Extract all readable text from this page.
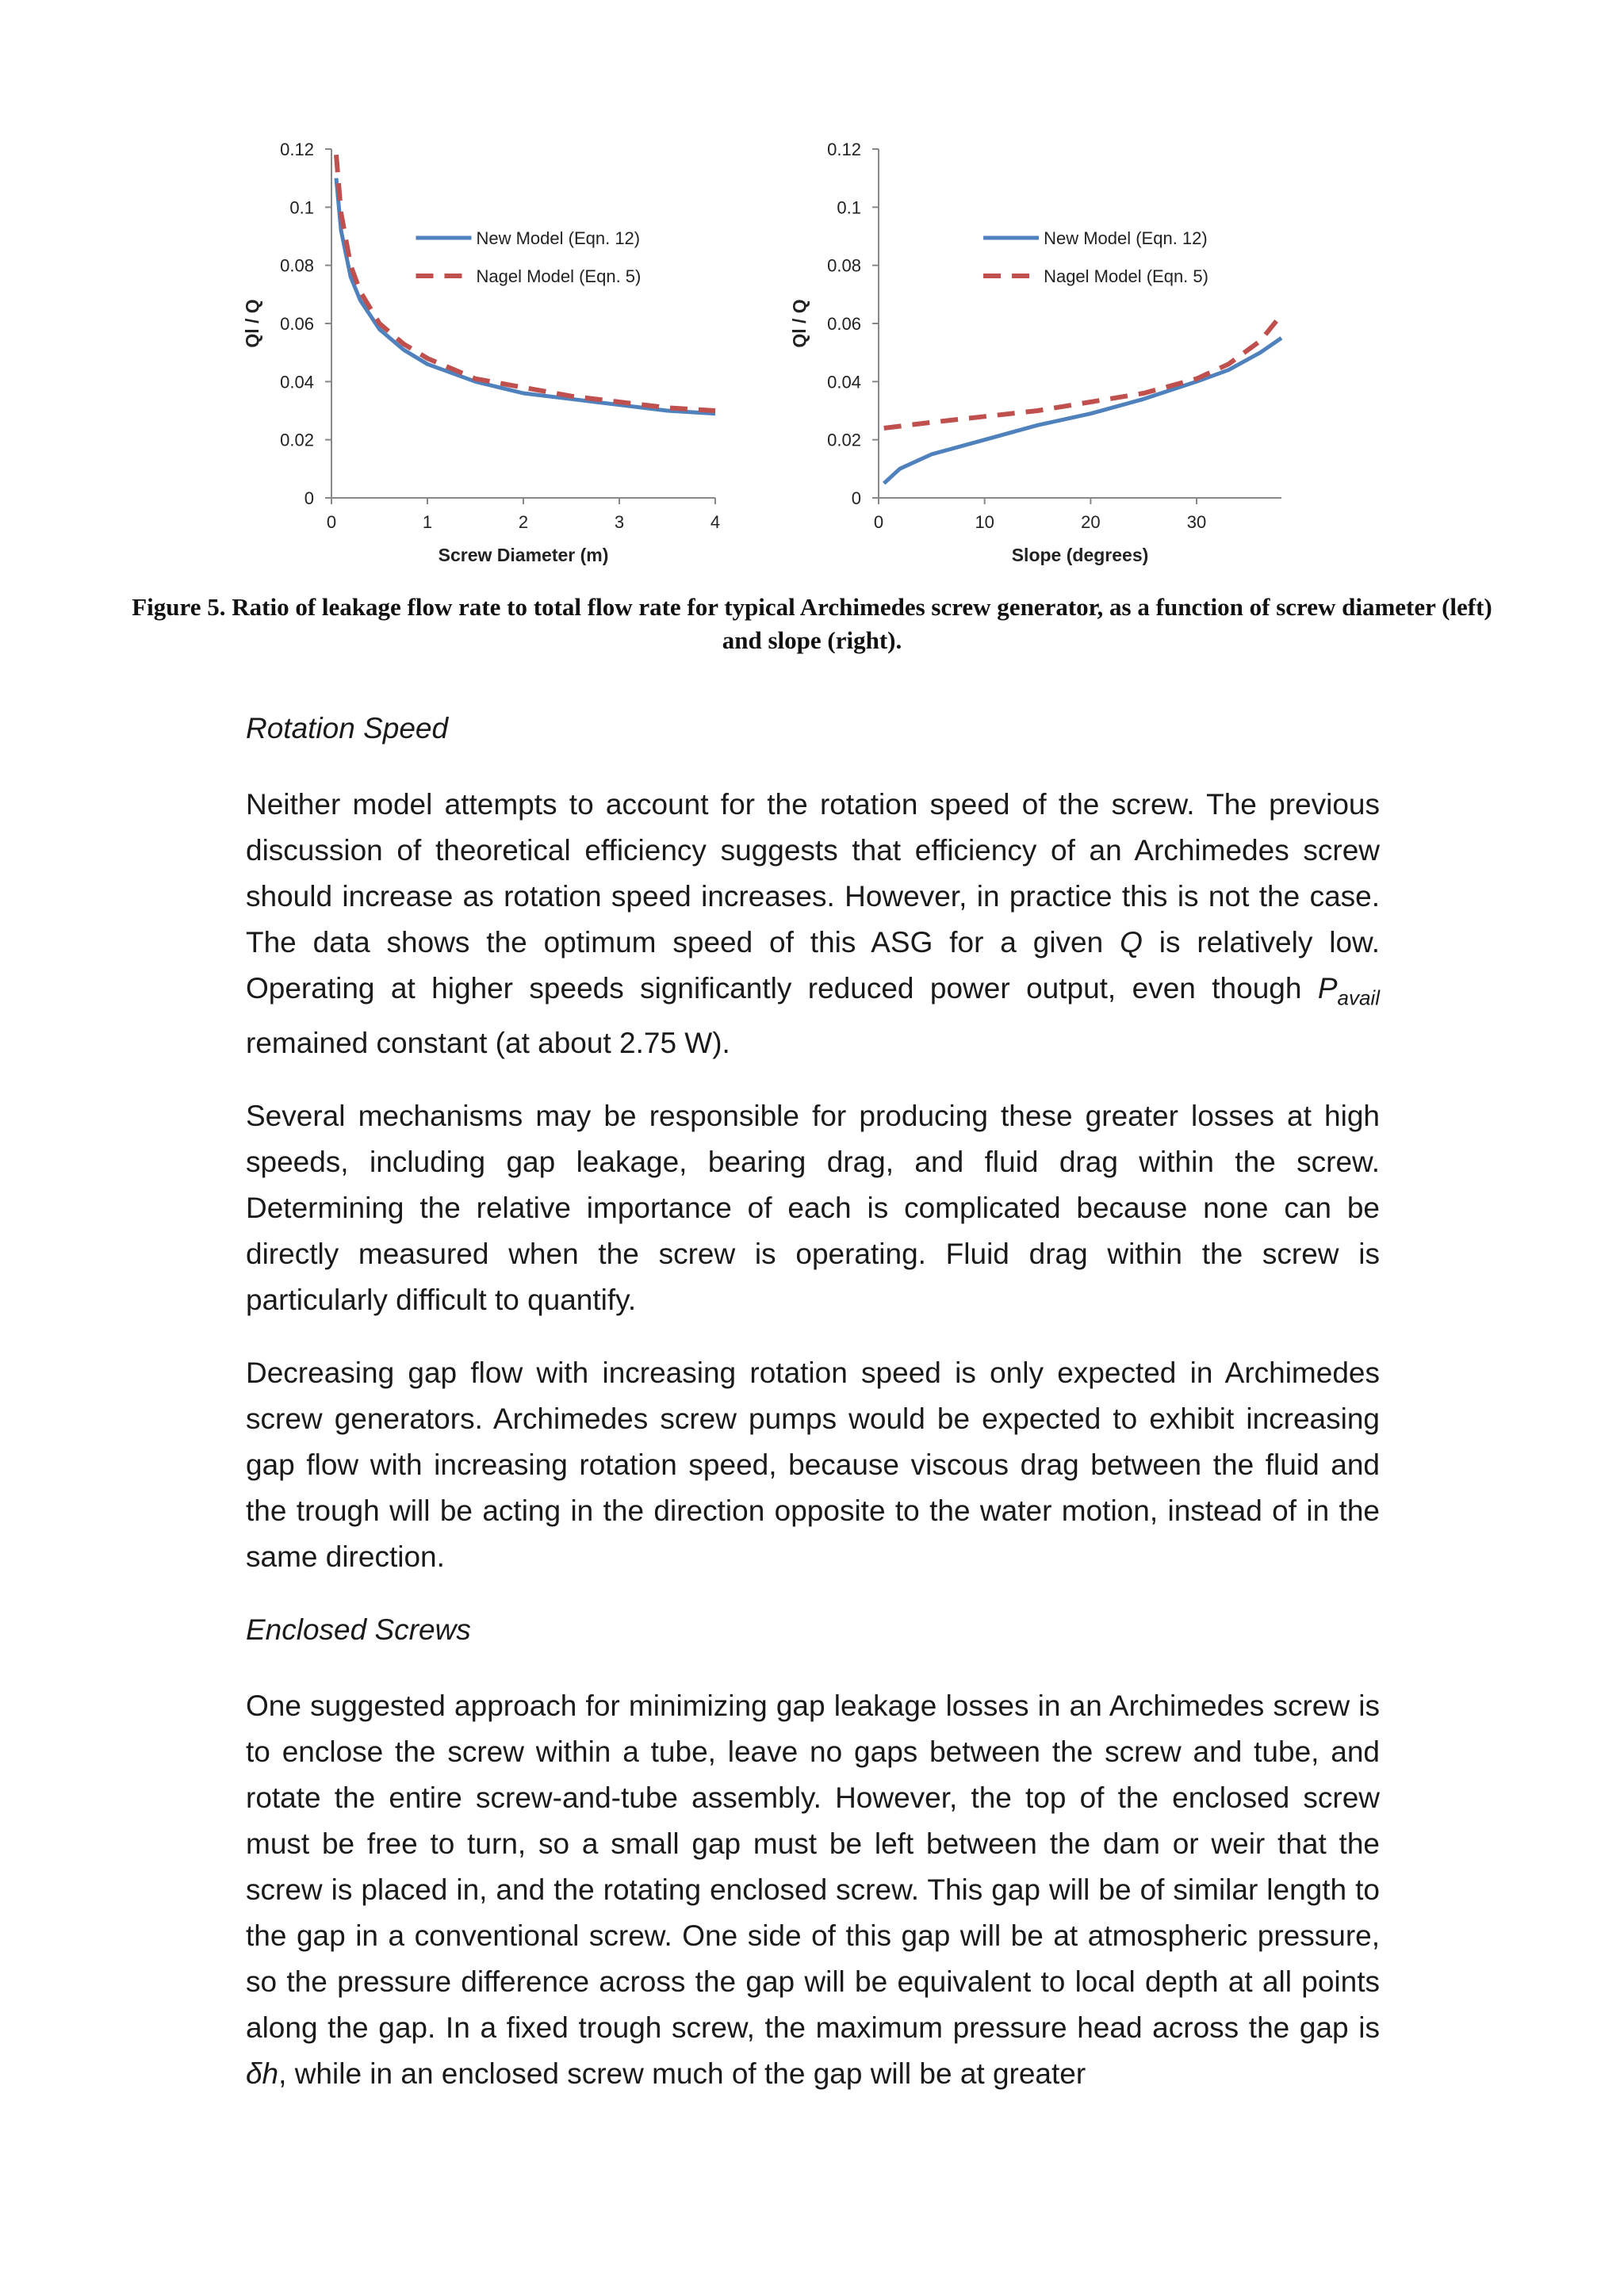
0
0.02
0.04
0.06
0.08
0.1
0.12
0	1	2	3	4
Screw Diameter (m)
Ql / Q
New Model (Eqn. 12)
Nagel Model (Eqn. 5)
0
0.02
0.04
0.06
0.08
0.1
0.12
0	10	20	30
Slope (degrees)
Ql / Q
New Model (Eqn. 12)
Nagel Model (Eqn. 5)
Figure 5. Ratio of leakage flow rate to total flow rate for typical Archimedes screw generator, as a function of screw diameter (left) and slope (right).
Rotation Speed

Neither model attempts to account for the rotation speed of the screw. The previous discussion of theoretical efficiency suggests that efficiency of an Archimedes screw should increase as rotation speed increases. However, in practice this is not the case. The data shows the optimum speed of this ASG for a given Q is relatively low. Operating at higher speeds significantly reduced power output, even though $P_{avail}$ remained constant (at about 2.75 W).

Several mechanisms may be responsible for producing these greater losses at high speeds, including gap leakage, bearing drag, and fluid drag within the screw. Determining the relative importance of each is complicated because none can be directly measured when the screw is operating. Fluid drag within the screw is particularly difficult to quantify.

Decreasing gap flow with increasing rotation speed is only expected in Archimedes screw generators. Archimedes screw pumps would be expected to exhibit increasing gap flow with increasing rotation speed, because viscous drag between the fluid and the trough will be acting in the direction opposite to the water motion, instead of in the same direction.

Enclosed Screws

One suggested approach for minimizing gap leakage losses in an Archimedes screw is to enclose the screw within a tube, leave no gaps between the screw and tube, and rotate the entire screw-and-tube assembly. However, the top of the enclosed screw must be free to turn, so a small gap must be left between the dam or weir that the screw is placed in, and the rotating enclosed screw. This gap will be of similar length to the gap in a conventional screw. One side of this gap will be at atmospheric pressure, so the pressure difference across the gap will be equivalent to local depth at all points along the gap. In a fixed trough screw, the maximum pressure head across the gap is δh, while in an enclosed screw much of the gap will be at greater
